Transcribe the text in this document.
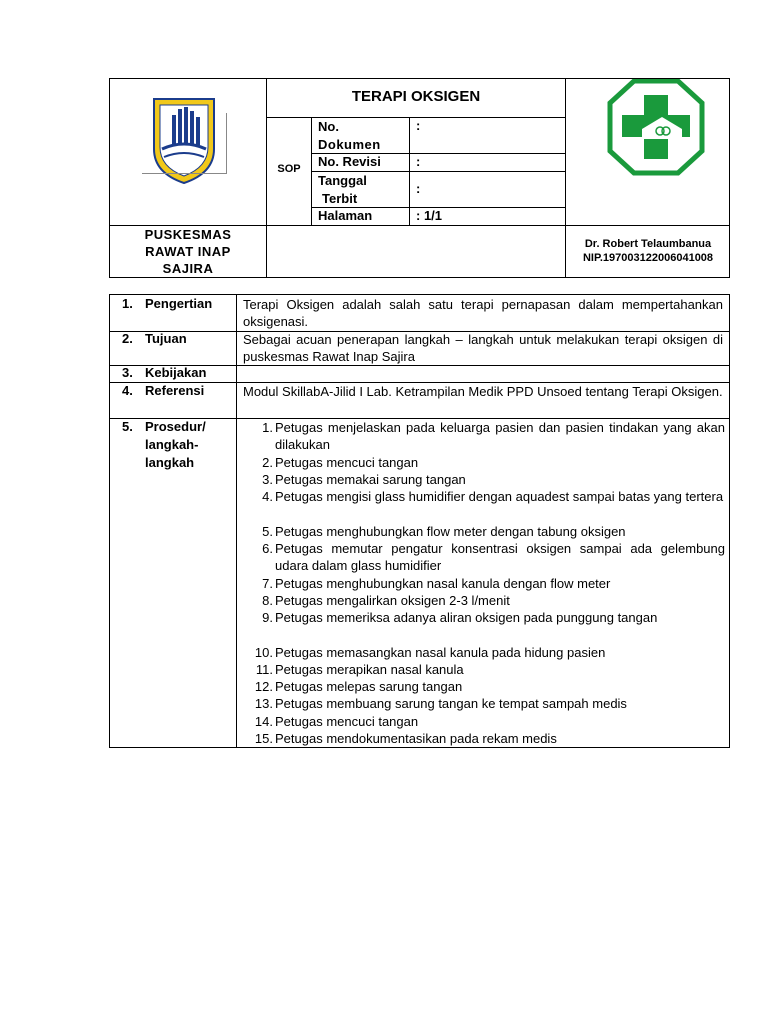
TERAPI OKSIGEN
SOP
No.
Dokumen
:
No. Revisi	:
Tanggal
Terbit
:
Halaman	: 1/1
PUSKESMAS
RAWAT INAP
SAJIRA
Dr. Robert Telaumbanua
NIP.197003122006041008
1. Pengertian Terapi Oksigen adalah salah satu terapi pernapasan dalam mempertahankan oksigenasi.
2. Tujuan	Sebagai acuan penerapan langkah – langkah untuk melakukan terapi oksigen di puskesmas Rawat Inap Sajira
3. Kebijakan
4. Referensi	Modul SkillabA-Jilid I Lab. Ketrampilan Medik PPD Unsoed tentang Terapi Oksigen.
5. Prosedur/
langkah-
langkah
1. Petugas menjelaskan pada keluarga pasien dan pasien tindakan yang akan dilakukan
2. Petugas mencuci tangan
3. Petugas memakai sarung tangan
4. Petugas mengisi glass humidifier dengan aquadest sampai batas yang tertera
5. Petugas menghubungkan flow meter dengan tabung oksigen
6. Petugas memutar pengatur konsentrasi oksigen sampai ada gelembung udara dalam glass humidifier
7. Petugas menghubungkan nasal kanula dengan flow meter
8. Petugas mengalirkan oksigen 2-3 l/menit
9. Petugas memeriksa adanya aliran oksigen pada punggung tangan
10. Petugas memasangkan nasal kanula pada hidung pasien
11. Petugas merapikan nasal kanula
12. Petugas melepas sarung tangan
13. Petugas membuang sarung tangan ke tempat sampah medis
14. Petugas mencuci tangan
15. Petugas mendokumentasikan pada rekam medis
